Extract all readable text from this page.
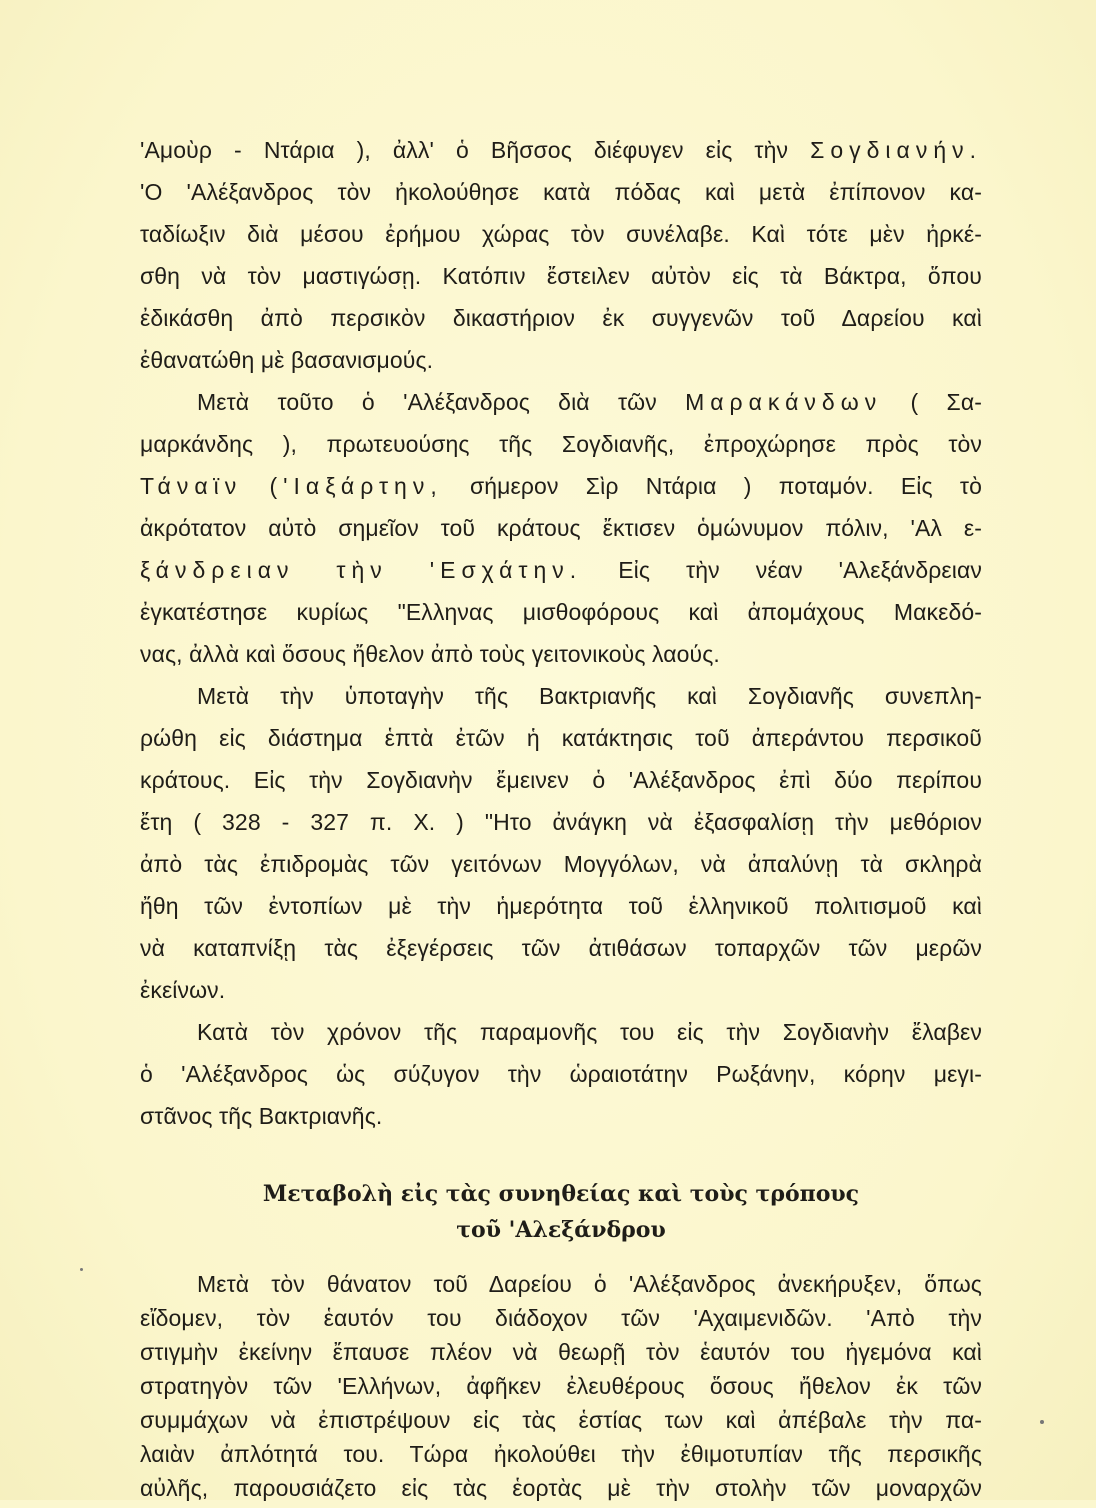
'Αμοὺρ - Ντάρια ), ἀλλ' ὁ Βῆσσος διέφυγεν εἰς τὴν Σογδιανήν.
'Ο 'Αλέξανδρος τὸν ἠκολούθησε κατὰ πόδας καὶ μετὰ ἐπίπονον κα-
ταδίωξιν διὰ μέσου ἐρήμου χώρας τὸν συνέλαβε. Καὶ τότε μὲν ἠρκέ-
σθη νὰ τὸν μαστιγώσῃ. Κατόπιν ἔστειλεν αὐτὸν εἰς τὰ Βάκτρα, ὅπου
ἐδικάσθη ἀπὸ περσικὸν δικαστήριον ἐκ συγγενῶν τοῦ Δαρείου καὶ
ἐθανατώθη μὲ βασανισμούς.
Μετὰ τοῦτο ὁ 'Αλέξανδρος διὰ τῶν Μαρακάνδων ( Σα-
μαρκάνδης ), πρωτευούσης τῆς Σογδιανῆς, ἐπροχώρησε πρὸς τὸν
Τάναϊν ('Ιαξάρτην, σήμερον Σὶρ Ντάρια ) ποταμόν. Εἰς τὸ
ἀκρότατον αὐτὸ σημεῖον τοῦ κράτους ἔκτισεν ὁμώνυμον πόλιν, 'Αλ ε-
ξάνδρειαν τὴν 'Εσχάτην. Εἰς τὴν νέαν 'Αλεξάνδρειαν
ἐγκατέστησε κυρίως "Ελληνας μισθοφόρους καὶ ἀπομάχους Μακεδό-
νας, ἀλλὰ καὶ ὅσους ἤθελον ἀπὸ τοὺς γειτονικοὺς λαούς.
Μετὰ τὴν ὑποταγὴν τῆς Βακτριανῆς καὶ Σογδιανῆς συνεπλη-
ρώθη εἰς διάστημα ἑπτὰ ἐτῶν ἡ κατάκτησις τοῦ ἀπεράντου περσικοῦ
κράτους. Εἰς τὴν Σογδιανὴν ἔμεινεν ὁ 'Αλέξανδρος ἐπὶ δύο περίπου
ἔτη ( 328 - 327 π. Χ. ) "Ητο ἀνάγκη νὰ ἐξασφαλίσῃ τὴν μεθόριον
ἀπὸ τὰς ἐπιδρομὰς τῶν γειτόνων Μογγόλων, νὰ ἀπαλύνῃ τὰ σκληρὰ
ἤθη τῶν ἐντοπίων μὲ τὴν ἡμερότητα τοῦ ἑλληνικοῦ πολιτισμοῦ καὶ
νὰ καταπνίξῃ τὰς ἐξεγέρσεις τῶν ἀτιθάσων τοπαρχῶν τῶν μερῶν
ἐκείνων.
Κατὰ τὸν χρόνον τῆς παραμονῆς του εἰς τὴν Σογδιανὴν ἔλαβεν
ὁ 'Αλέξανδρος ὡς σύζυγον τὴν ὡραιοτάτην Ρωξάνην, κόρην μεγι-
στᾶνος τῆς Βακτριανῆς.
Μεταβολὴ εἰς τὰς συνηθείας καὶ τοὺς τρόπους
τοῦ 'Αλεξάνδρου
Μετὰ τὸν θάνατον τοῦ Δαρείου ὁ 'Αλέξανδρος ἀνεκήρυξεν, ὅπως
εἴδομεν, τὸν ἑαυτόν του διάδοχον τῶν 'Αχαιμενιδῶν. 'Απὸ τὴν
στιγμὴν ἐκείνην ἔπαυσε πλέον νὰ θεωρῇ τὸν ἑαυτόν του ἡγεμόνα καὶ
στρατηγὸν τῶν 'Ελλήνων, ἀφῆκεν ἐλευθέρους ὅσους ἤθελον ἐκ τῶν
συμμάχων νὰ ἐπιστρέψουν εἰς τὰς ἑστίας των καὶ ἀπέβαλε τὴν πα-
λαιὰν ἀπλότητά του. Τώρα ἠκολούθει τὴν ἐθιμοτυπίαν τῆς περσικῆς
αὐλῆς, παρουσιάζετο εἰς τὰς ἑορτὰς μὲ τὴν στολὴν τῶν μοναρχῶν
